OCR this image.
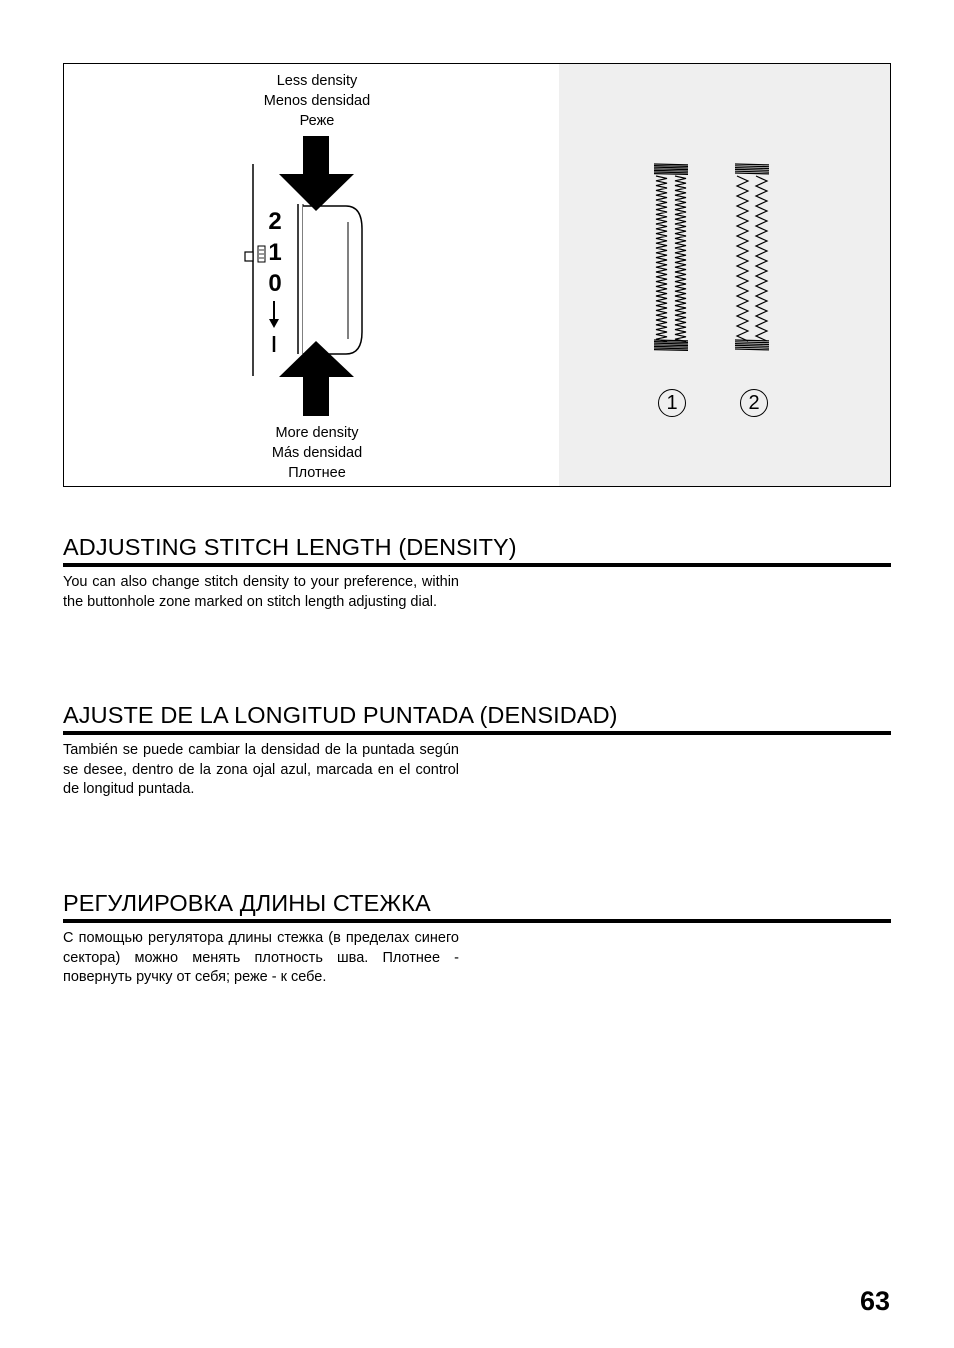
1	2
2
1
0
Less density
Menos densidad
Реже
More density
Más densidad
Плотнее
ADJUSTING STITCH LENGTH (DENSITY)

You can also change stitch density to your preference, within the buttonhole zone marked on stitch length adjusting dial.

AJUSTE DE LA LONGITUD PUNTADA (DENSIDAD)

También se puede cambiar la densidad de la puntada según se desee, dentro de la zona ojal azul, marcada en el control de longitud puntada.

РЕГУЛИРОВКА ДЛИНЫ СТЕЖКА

С помощью регулятора длины стежка (в пределах синего сектора) можно менять плотность шва. Плотнее - повернуть ручку от себя; реже - к себе.

63
